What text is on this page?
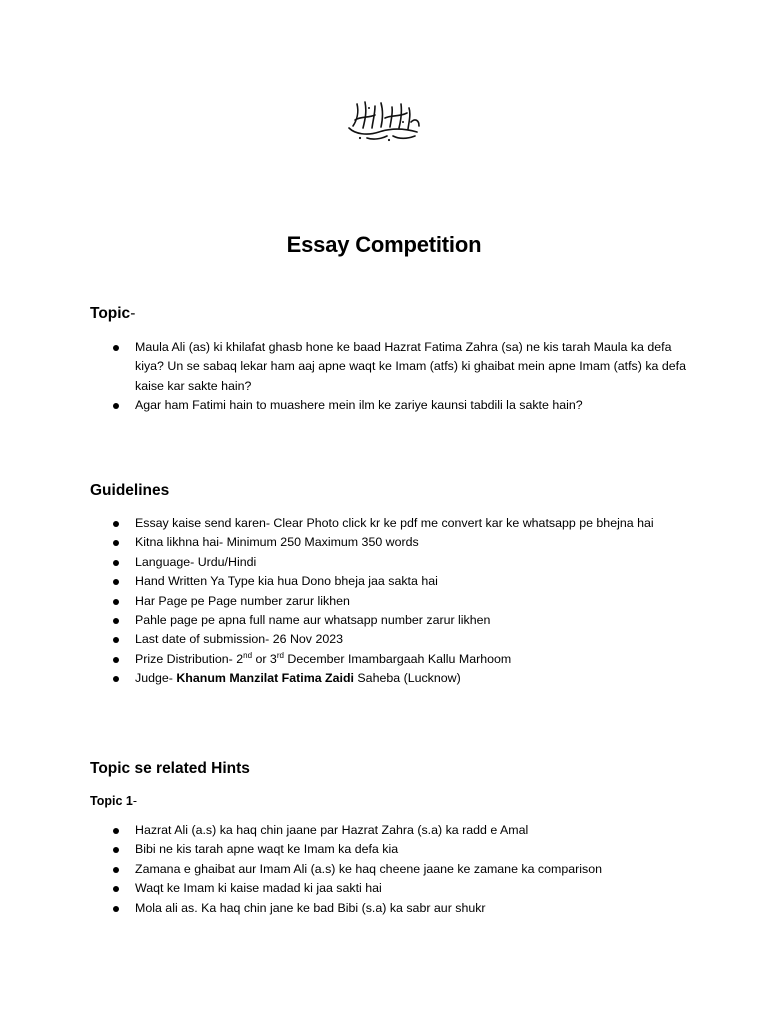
Essay Competition
Topic-
Maula Ali (as) ki khilafat ghasb hone ke baad Hazrat Fatima Zahra (sa) ne kis tarah Maula ka defa kiya? Un se sabaq lekar ham aaj apne waqt ke Imam (atfs) ki ghaibat mein apne Imam (atfs) ka defa kaise kar sakte hain?
Agar ham Fatimi hain to muashere mein ilm ke zariye kaunsi tabdili la sakte hain?
Guidelines
Essay kaise send karen- Clear Photo click kr ke pdf me convert kar ke whatsapp pe bhejna hai
Kitna likhna hai- Minimum 250 Maximum 350 words
Language- Urdu/Hindi
Hand Written Ya Type kia hua Dono bheja jaa sakta hai
Har Page pe Page number zarur likhen
Pahle page pe apna full name aur whatsapp number zarur likhen
Last date of submission- 26 Nov 2023
Prize Distribution- 2nd or 3rd December Imambargaah Kallu Marhoom
Judge- Khanum Manzilat Fatima Zaidi Saheba (Lucknow)
Topic se related Hints
Topic 1-
Hazrat Ali (a.s) ka haq chin jaane par Hazrat Zahra (s.a) ka radd e Amal
Bibi ne kis tarah apne waqt ke Imam ka defa kia
Zamana e ghaibat aur Imam Ali (a.s) ke haq cheene jaane ke zamane ka comparison
Waqt ke Imam ki kaise madad ki jaa sakti hai
Mola ali as. Ka haq chin jane ke bad Bibi (s.a) ka sabr aur shukr
